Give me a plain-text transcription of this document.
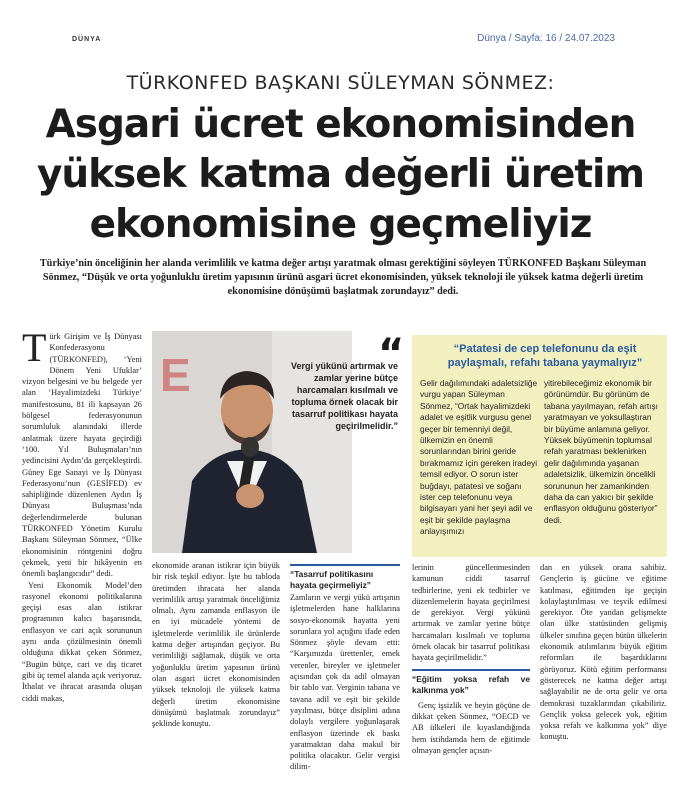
DÜNYA	Dünya / Sayfa: 16 / 24.07.2023
TÜRKONFED BAŞKANI SÜLEYMAN SÖNMEZ:
Asgari ücret ekonomisinden
yüksek katma değerli üretim
ekonomisine geçmeliyiz
Türkiye’nin önceliğinin her alanda verimlilik ve katma değer artışı yaratmak olması gerektiğini söyleyen TÜRKONFED Başkanı Süleyman Sönmez, “Düşük ve orta yoğunluklu üretim yapısının ürünü asgari ücret ekonomisinden, yüksek teknoloji ile yüksek katma değerli üretim ekonomisine dönüşümü başlatmak zorundayız” dedi.
T ürk Girişim ve İş Dünyası Konfederasyonu (TÜRKONFED), ‘Yeni Dönem Yeni Ufuklar’ vizyon belgesini ve bu belgede yer alan ‘Hayalimizdeki Türkiye’ manifestosunu, 81 ili kapsayan 26 bölgesel federasyonunun sorumluluk alanındaki illerde anlatmak üzere hayata geçirdiği ‘100. Yıl Buluşmaları’nın yedincisini Aydın’da gerçekleştirdi. Güney Ege Sanayi ve İş Dünyası Federasyonu’nun (GESİFED) ev sahipliğinde düzenlenen Aydın İş Dünyası Buluşması’nda değerlendirmelerde bulunan TÜRKONFED Yönetim Kurulu Başkanı Süleyman Sönmez, “Ülke ekonomisinin röntgenini doğru çekmek, yeni bir hikâyenin en önemli başlangıcıdır” dedi.

Yeni Ekonomik Model’den rasyonel ekonomi politikalarına geçişi esas alan istikrar programının kalıcı başarısında, enflasyon ve cari açık sorununun aynı anda çözülmesinin önemli olduğuna dikkat çeken Sönmez, “Bugün bütçe, cari ve dış ticaret gibi üç temel alanda açık veriyoruz. İthalat ve ihracat arasında oluşan ciddi makas,

E	“
Vergi yükünü artırmak ve zamlar yerine bütçe harcamaları kısılmalı ve topluma örnek olacak bir tasarruf politikası hayata geçirilmelidir.”
“Patatesi de cep telefonunu da eşit paylaşmalı, refahı tabana yaymalıyız”
Gelir dağılımındaki adaletsizliğe vurgu yapan Süleyman Sönmez, “Ortak hayalimizdeki adalet ve eşitlik vurgusu genel geçer bir temenniyi değil, ülkemizin en önemli sorunlarından birini geride bırakmamız için gereken iradeyi temsil ediyor. O sorun ister buğdayı, patatesi ve soğanı ister cep telefonunu veya bilgisayarı yani her şeyi adil ve eşit bir şekilde paylaşma anlayışımızı
yitirebileceğimiz ekonomik bir görünümdür. Bu görünüm de tabana yayılmayan, refah artışı yaratmayan ve yoksullaştıran bir büyüme anlamına geliyor. Yüksek büyümenin toplumsal refah yaratması beklenirken gelir dağılımında yaşanan adaletsizlik, ülkemizin öncelikli sorununun her zamankinden daha da can yakıcı bir şekilde enflasyon olduğunu gösteriyor” dedi.
ekonomide aranan istikrar için büyük bir risk teşkil ediyor. İşte bu tabloda üretimden ihracata her alanda verimlilik artışı yaratmak önceliğimiz olmalı. Aynı zamanda enflasyon ile en iyi mücadele yöntemi de işletmelerde verimlilik ile ürünlerde katma değer artışından geçiyor. Bu verimliliği sağlamak, düşük ve orta yoğunluklu üretim yapısının ürünü olan asgari ücret ekonomisinden yüksek teknoloji ile yüksek katma değerli üretim ekonomisine dönüşümü başlatmak zorundayız” şeklinde konuştu.
“Tasarruf politikasını hayata geçirmeliyiz”
Zamların ve vergi yükü artışının işletmelerden hane halklarına sosyo-ekonomik hayatta yeni sorunlara yol açtığını ifade eden Sönmez şöyle devam etti: “Karşımızda ürettenler, emek verenler, bireyler ve işletmeler açısından çok da adil olmayan bir tablo var. Verginin tabana ve tavana adil ve eşit bir şekilde yayılması, bütçe disiplini adına dolaylı vergilere yoğunlaşarak enflasyon üzerinde ek baskı yaratmaktan daha makul bir politika olacaktır. Gelir vergisi dilim-
lerinin güncellenmesinden kamunun ciddi tasarruf tedbirlerine, yeni ek tedbirler ve düzenlemelerin hayata geçirilmesi de gerekiyor. Vergi yükünü artırmak ve zamlar yerine bütçe harcamaları kısılmalı ve topluma örnek olacak bir tasarruf politikası hayata geçirilmelidir.”
“Eğitim yoksa refah ve kalkınma yok”

Genç işsizlik ve beyin göçüne de dikkat çeken Sönmez, “OECD ve AB ülkeleri ile kıyaslandığında hem istihdamda hem de eğitimde olmayan gençler açısın-

dan en yüksek orana sahibiz. Gençlerin iş gücüne ve eğitime katılması, eğitimden işe geçişin kolaylaştırılması ve teşvik edilmesi gerekiyor. Öte yandan gelişmekte olan ülke statüsünden gelişmiş ülkeler sınıfına geçen bütün ülkelerin ekonomik atılımlarını büyük eğitim reformları ile başardıklarını görüyoruz. Kötü eğitim performansı gösterecek ne katma değer artışı sağlayabilir ne de orta gelir ve orta demokrasi tuzaklarından çıkabiliriz. Gençlik yoksa gelecek yok, eğitim yoksa refah ve kalkınma yok” diye konuştu.
